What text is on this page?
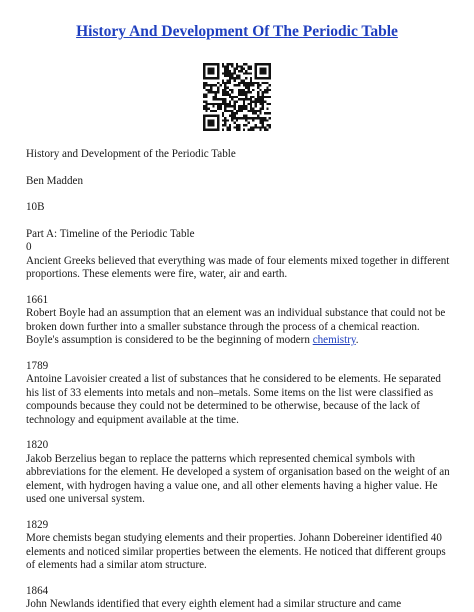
History And Development Of The Periodic Table

History and Development of the Periodic Table

Ben Madden

10B

Part A: Timeline of the Periodic Table

0

Ancient Greeks believed that everything was made of four elements mixed together in different proportions. These elements were fire, water, air and earth.

1661

Robert Boyle had an assumption that an element was an individual substance that could not be broken down further into a smaller substance through the process of a chemical reaction. Boyle's assumption is considered to be the beginning of modern chemistry.

1789

Antoine Lavoisier created a list of substances that he considered to be elements. He separated his list of 33 elements into metals and non–metals. Some items on the list were classified as compounds because they could not be determined to be otherwise, because of the lack of technology and equipment available at the time.

1820

Jakob Berzelius began to replace the patterns which represented chemical symbols with abbreviations for the element. He developed a system of organisation based on the weight of an element, with hydrogen having a value one, and all other elements having a higher value. He used one universal system.

1829

More chemists began studying elements and their properties. Johann Dobereiner identified 40 elements and noticed similar properties between the elements. He noticed that different groups of elements had a similar atom structure.

1864

John Newlands identified that every eighth element had a similar structure and came
